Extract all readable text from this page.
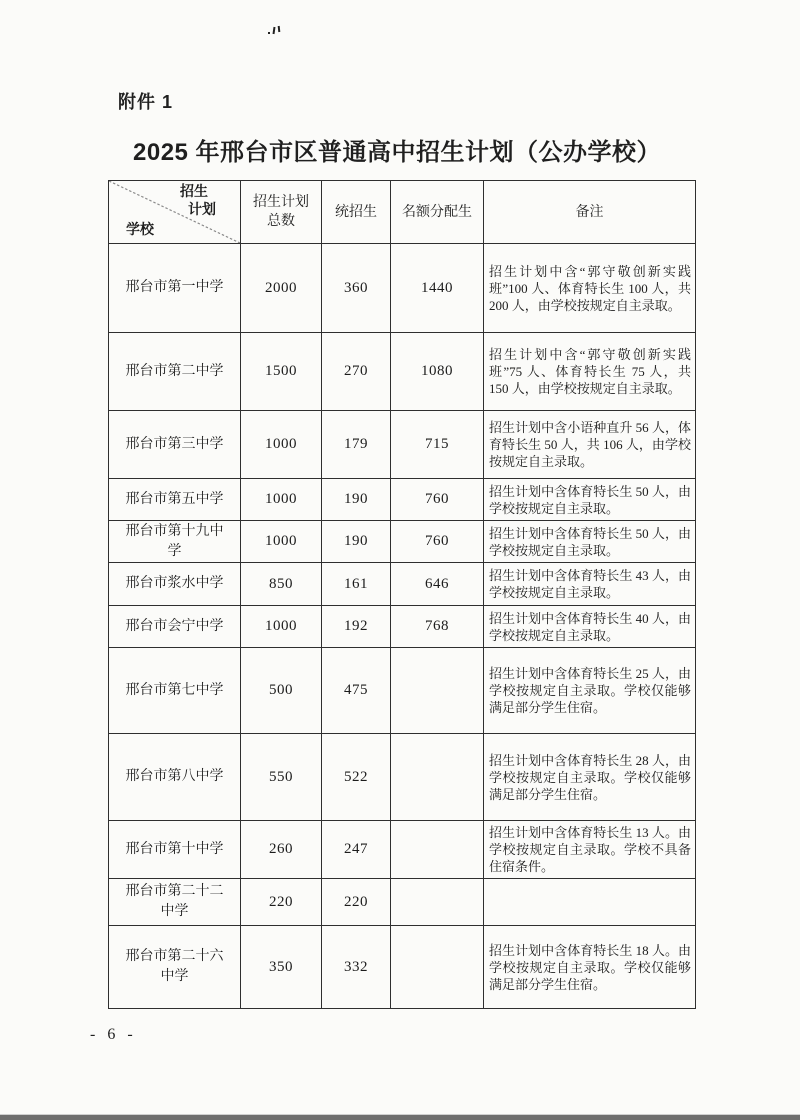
附件 1
2025 年邢台市区普通高中招生计划（公办学校）
招生
计划
学校	招生计划总数	统招生	名额分配生	备注
邢台市第一中学	2000	360	1440	招生计划中含“郭守敬创新实践班”100 人、体育特长生 100 人，共 200 人，由学校按规定自主录取。
邢台市第二中学	1500	270	1080	招生计划中含“郭守敬创新实践班”75 人、体育特长生 75 人，共 150 人，由学校按规定自主录取。
邢台市第三中学	1000	179	715	招生计划中含小语种直升 56 人，体育特长生 50 人，共 106 人，由学校按规定自主录取。
邢台市第五中学	1000	190	760	招生计划中含体育特长生 50 人，由学校按规定自主录取。
邢台市第十九中学	1000	190	760	招生计划中含体育特长生 50 人，由学校按规定自主录取。
邢台市浆水中学	850	161	646	招生计划中含体育特长生 43 人，由学校按规定自主录取。
邢台市会宁中学	1000	192	768	招生计划中含体育特长生 40 人，由学校按规定自主录取。
邢台市第七中学	500	475		招生计划中含体育特长生 25 人，由学校按规定自主录取。学校仅能够满足部分学生住宿。
邢台市第八中学	550	522		招生计划中含体育特长生 28 人，由学校按规定自主录取。学校仅能够满足部分学生住宿。
邢台市第十中学	260	247		招生计划中含体育特长生 13 人。由学校按规定自主录取。学校不具备住宿条件。
邢台市第二十二中学	220	220		
邢台市第二十六中学	350	332		招生计划中含体育特长生 18 人。由学校按规定自主录取。学校仅能够满足部分学生住宿。
- 6 -
